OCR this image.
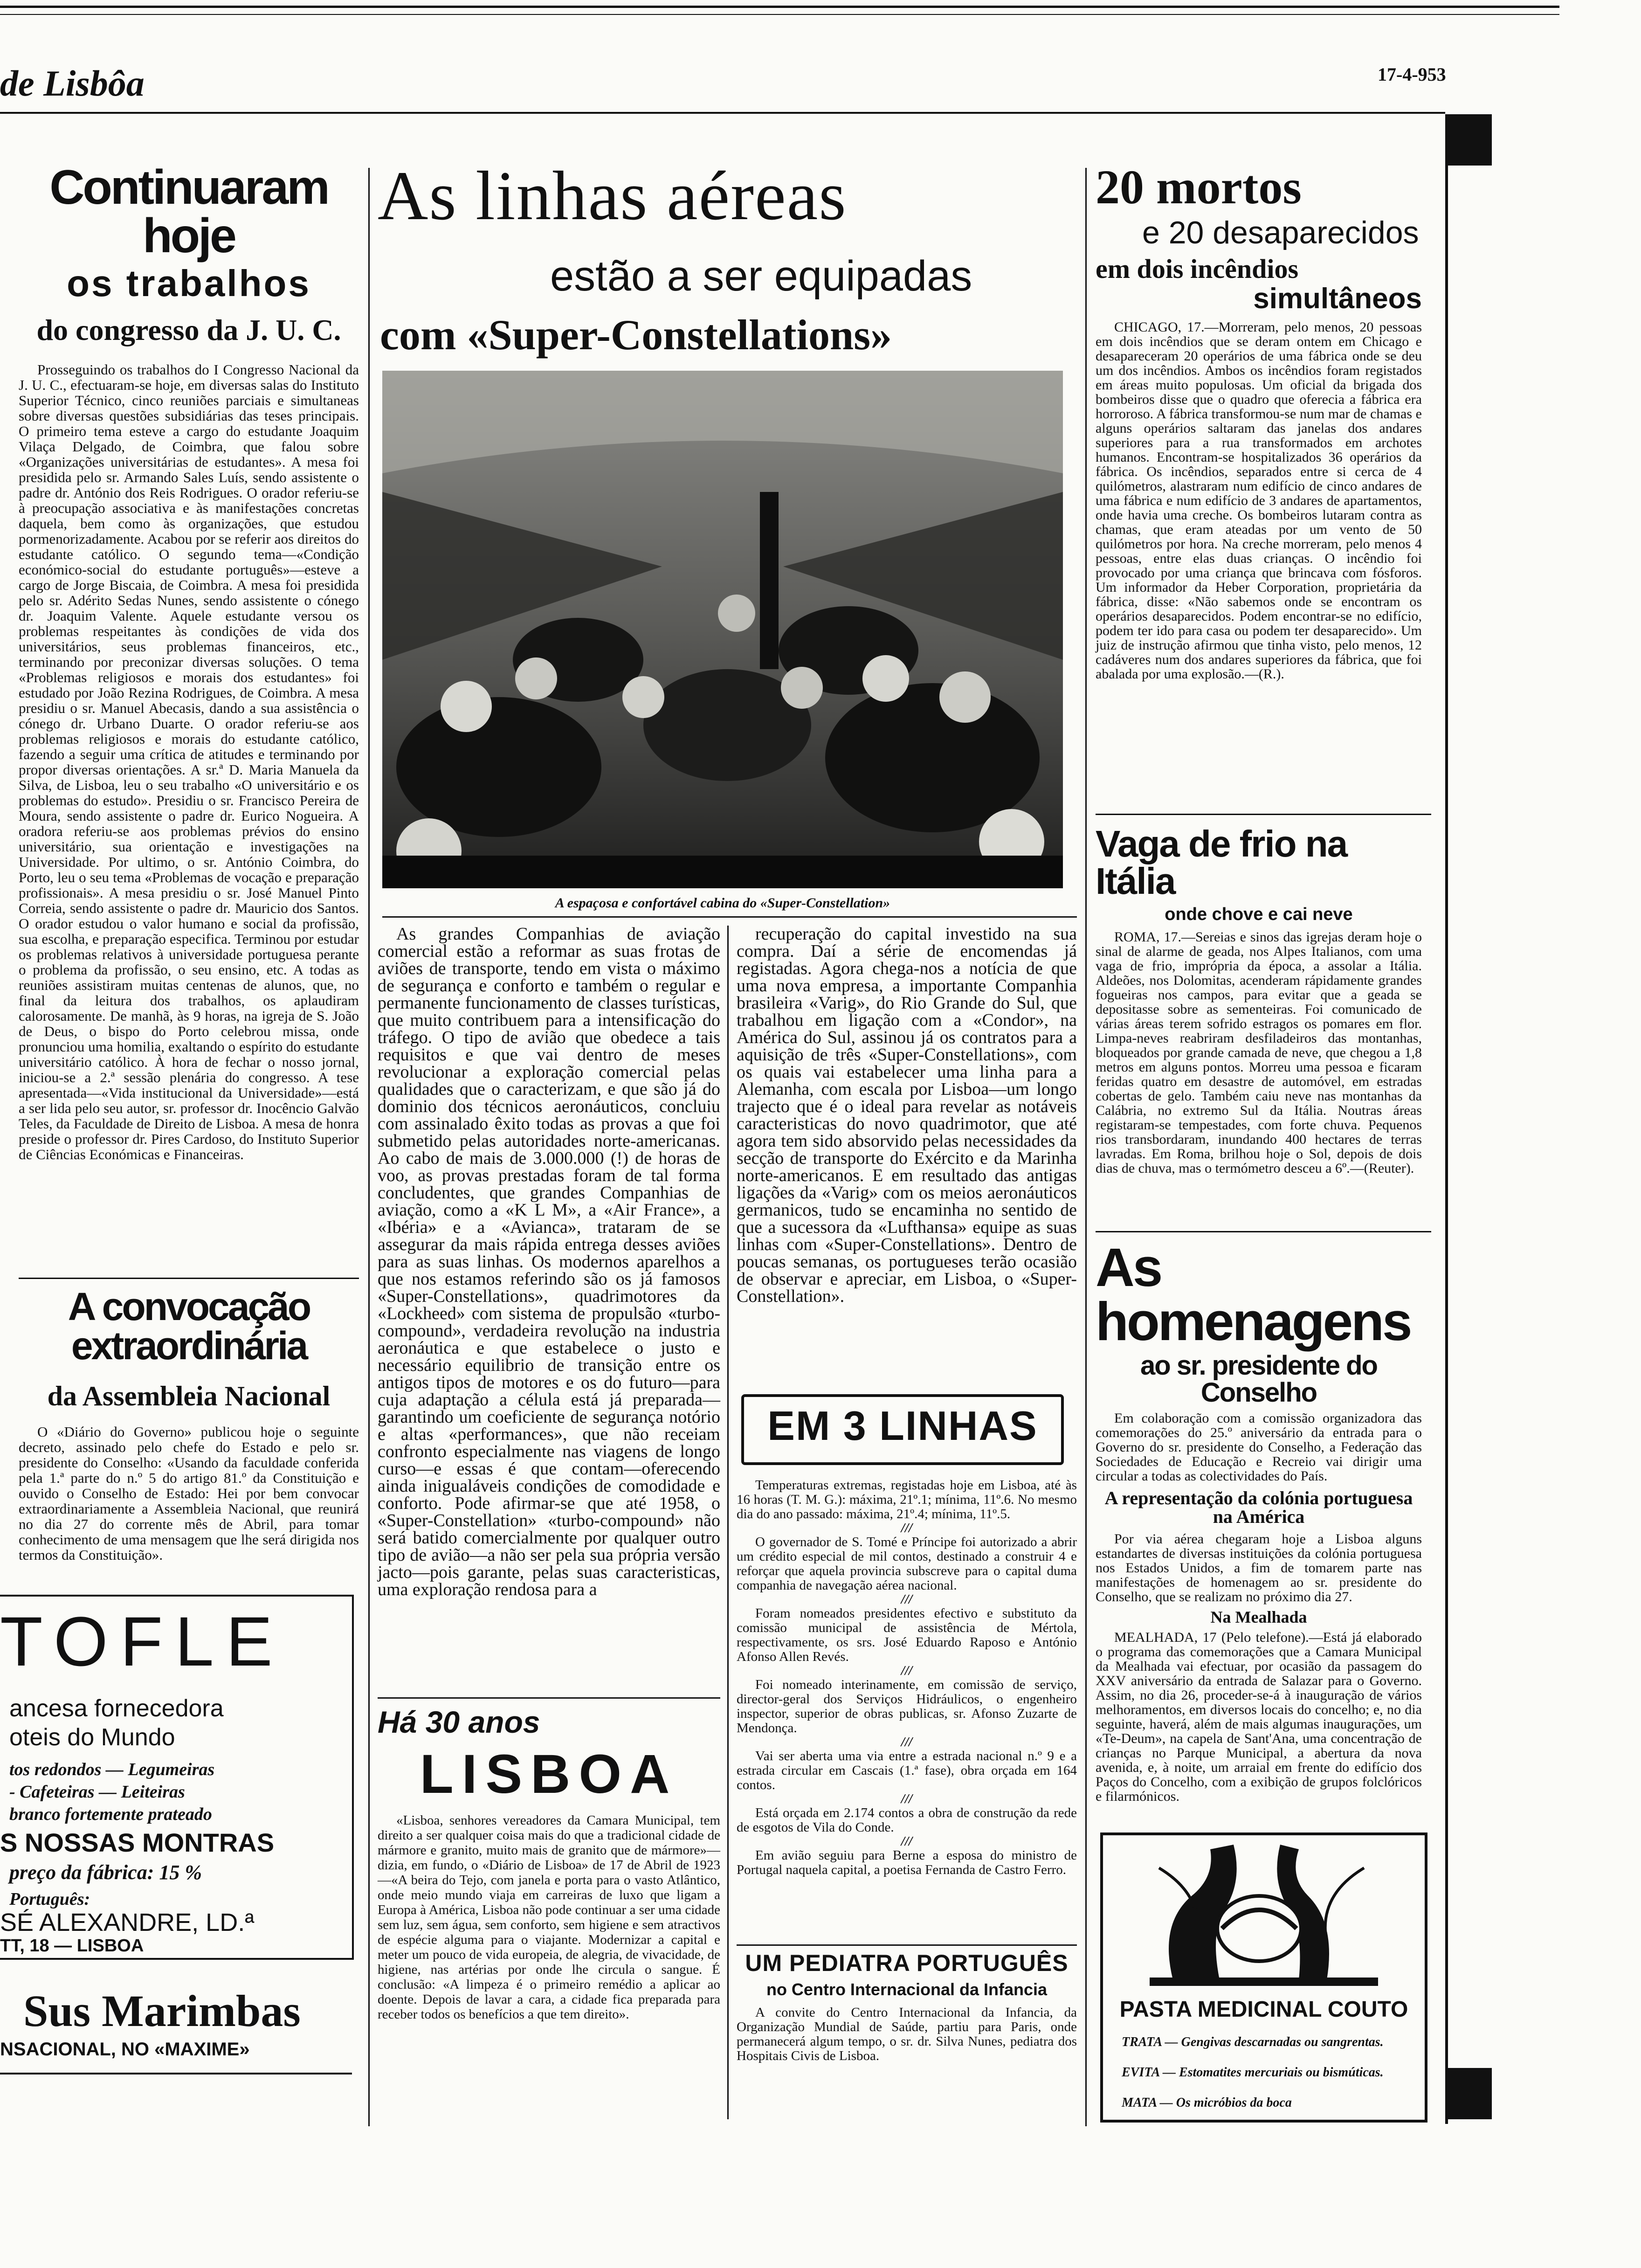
de Lisbôa	17-4-953
Continuaram hoje
os trabalhos
do congresso da J. U. C.
Prosseguindo os trabalhos do I Congresso Nacional da J. U. C., efectuaram-se hoje, em diversas salas do Instituto Superior Técnico, cinco reuniões parciais e simultaneas sobre diversas questões subsidiárias das teses principais. O primeiro tema esteve a cargo do estudante Joaquim Vilaça Delgado, de Coimbra, que falou sobre «Organizações universitárias de estudantes». A mesa foi presidida pelo sr. Armando Sales Luís, sendo assistente o padre dr. António dos Reis Rodrigues. O orador referiu-se à preocupação associativa e às manifestações concretas daquela, bem como às organizações, que estudou pormenorizadamente. Acabou por se referir aos direitos do estudante católico. O segundo tema—«Condição económico-social do estudante português»—esteve a cargo de Jorge Biscaia, de Coimbra. A mesa foi presidida pelo sr. Adérito Sedas Nunes, sendo assistente o cónego dr. Joaquim Valente. Aquele estudante versou os problemas respeitantes às condições de vida dos universitários, seus problemas financeiros, etc., terminando por preconizar diversas soluções. O tema «Problemas religiosos e morais dos estudantes» foi estudado por João Rezina Rodrigues, de Coimbra. A mesa presidiu o sr. Manuel Abecasis, dando a sua assistência o cónego dr. Urbano Duarte. O orador referiu-se aos problemas religiosos e morais do estudante católico, fazendo a seguir uma crítica de atitudes e terminando por propor diversas orientações. A sr.ª D. Maria Manuela da Silva, de Lisboa, leu o seu trabalho «O universitário e os problemas do estudo». Presidiu o sr. Francisco Pereira de Moura, sendo assistente o padre dr. Eurico Nogueira. A oradora referiu-se aos problemas prévios do ensino universitário, sua orientação e investigações na Universidade. Por ultimo, o sr. António Coimbra, do Porto, leu o seu tema «Problemas de vocação e preparação profissionais». A mesa presidiu o sr. José Manuel Pinto Correia, sendo assistente o padre dr. Mauricio dos Santos. O orador estudou o valor humano e social da profissão, sua escolha, e preparação especifica. Terminou por estudar os problemas relativos à universidade portuguesa perante o problema da profissão, o seu ensino, etc. A todas as reuniões assistiram muitas centenas de alunos, que, no final da leitura dos trabalhos, os aplaudiram calorosamente. De manhã, às 9 horas, na igreja de S. João de Deus, o bispo do Porto celebrou missa, onde pronunciou uma homilia, exaltando o espírito do estudante universitário católico. À hora de fechar o nosso jornal, iniciou-se a 2.ª sessão plenária do congresso. A tese apresentada—«Vida institucional da Universidade»—está a ser lida pelo seu autor, sr. professor dr. Inocêncio Galvão Teles, da Faculdade de Direito de Lisboa. A mesa de honra preside o professor dr. Pires Cardoso, do Instituto Superior de Ciências Económicas e Financeiras.
A convocação extraordinária
da Assembleia Nacional
O «Diário do Governo» publicou hoje o seguinte decreto, assinado pelo chefe do Estado e pelo sr. presidente do Conselho: «Usando da faculdade conferida pela 1.ª parte do n.º 5 do artigo 81.º da Constituição e ouvido o Conselho de Estado: Hei por bem convocar extraordinariamente a Assembleia Nacional, que reunirá no dia 27 do corrente mês de Abril, para tomar conhecimento de uma mensagem que lhe será dirigida nos termos da Constituição».
TOFLE
ancesa fornecedora
oteis do Mundo
tos redondos — Legumeiras
- Cafeteiras — Leiteiras
branco fortemente prateado
S NOSSAS MONTRAS
preço da fábrica: 15 %
Português:
SÉ ALEXANDRE, LD.ª
TT, 18 — LISBOA
Sus Marimbas
NSACIONAL, NO «MAXIME»
As linhas aéreas
estão a ser equipadas
com «Super-Constellations»
A espaçosa e confortável cabina do «Super-Constellation»
As grandes Companhias de aviação comercial estão a reformar as suas frotas de aviões de transporte, tendo em vista o máximo de segurança e conforto e também o regular e permanente funcionamento de classes turísticas, que muito contribuem para a intensificação do tráfego. O tipo de avião que obedece a tais requisitos e que vai dentro de meses revolucionar a exploração comercial pelas qualidades que o caracterizam, e que são já do dominio dos técnicos aeronáuticos, concluiu com assinalado êxito todas as provas a que foi submetido pelas autoridades norte-americanas. Ao cabo de mais de 3.000.000 (!) de horas de voo, as provas prestadas foram de tal forma concludentes, que grandes Companhias de aviação, como a «K L M», a «Air France», a «Ibéria» e a «Avianca», trataram de se assegurar da mais rápida entrega desses aviões para as suas linhas. Os modernos aparelhos a que nos estamos referindo são os já famosos «Super-Constellations», quadrimotores da «Lockheed» com sistema de propulsão «turbo-compound», verdadeira revolução na industria aeronáutica e que estabelece o justo e necessário equilibrio de transição entre os antigos tipos de motores e os do futuro—para cuja adaptação a célula está já preparada—garantindo um coeficiente de segurança notório e altas «performances», que não receiam confronto especialmente nas viagens de longo curso—e essas é que contam—oferecendo ainda inigualáveis condições de comodidade e conforto. Pode afirmar-se que até 1958, o «Super-Constellation» «turbo-compound» não será batido comercialmente por qualquer outro tipo de avião—a não ser pela sua própria versão jacto—pois garante, pelas suas caracteristicas, uma exploração rendosa para a
recuperação do capital investido na sua compra. Daí a série de encomendas já registadas. Agora chega-nos a notícia de que uma nova empresa, a importante Companhia brasileira «Varig», do Rio Grande do Sul, que trabalhou em ligação com a «Condor», na América do Sul, assinou já os contratos para a aquisição de três «Super-Constellations», com os quais vai estabelecer uma linha para a Alemanha, com escala por Lisboa—um longo trajecto que é o ideal para revelar as notáveis caracteristicas do novo quadrimotor, que até agora tem sido absorvido pelas necessidades da secção de transporte do Exército e da Marinha norte-americanos. E em resultado das antigas ligações da «Varig» com os meios aeronáuticos germanicos, tudo se encaminha no sentido de que a sucessora da «Lufthansa» equipe as suas linhas com «Super-Constellations». Dentro de poucas semanas, os portugueses terão ocasião de observar e apreciar, em Lisboa, o «Super-Constellation».
Há 30 anos
LISBOA
«Lisboa, senhores vereadores da Camara Municipal, tem direito a ser qualquer coisa mais do que a tradicional cidade de mármore e granito, muito mais de granito que de mármore»—dizia, em fundo, o «Diário de Lisboa» de 17 de Abril de 1923—«A beira do Tejo, com janela e porta para o vasto Atlântico, onde meio mundo viaja em carreiras de luxo que ligam a Europa à América, Lisboa não pode continuar a ser uma cidade sem luz, sem água, sem conforto, sem higiene e sem atractivos de espécie alguma para o viajante. Modernizar a capital e meter um pouco de vida europeia, de alegria, de vivacidade, de higiene, nas artérias por onde lhe circula o sangue. É conclusão: «A limpeza é o primeiro remédio a aplicar ao doente. Depois de lavar a cara, a cidade fica preparada para receber todos os benefícios a que tem direito».
EM 3 LINHAS
Temperaturas extremas, registadas hoje em Lisboa, até às 16 horas (T. M. G.): máxima, 21º.1; mínima, 11º.6. No mesmo dia do ano passado: máxima, 21º.4; mínima, 11º.5.
///
O governador de S. Tomé e Príncipe foi autorizado a abrir um crédito especial de mil contos, destinado a construir 4 e reforçar que aquela provincia subscreve para o capital duma companhia de navegação aérea nacional.
///
Foram nomeados presidentes efectivo e substituto da comissão municipal de assistência de Mértola, respectivamente, os srs. José Eduardo Raposo e António Afonso Allen Revés.
///
Foi nomeado interinamente, em comissão de serviço, director-geral dos Serviços Hidráulicos, o engenheiro inspector, superior de obras publicas, sr. Afonso Zuzarte de Mendonça.
///
Vai ser aberta uma via entre a estrada nacional n.º 9 e a estrada circular em Cascais (1.ª fase), obra orçada em 164 contos.
///
Está orçada em 2.174 contos a obra de construção da rede de esgotos de Vila do Conde.
///
Em avião seguiu para Berne a esposa do ministro de Portugal naquela capital, a poetisa Fernanda de Castro Ferro.
UM PEDIATRA PORTUGUÊS
no Centro Internacional da Infancia
A convite do Centro Internacional da Infancia, da Organização Mundial de Saúde, partiu para Paris, onde permanecerá algum tempo, o sr. dr. Silva Nunes, pediatra dos Hospitais Civis de Lisboa.
20 mortos
e 20 desaparecidos
em dois incêndios
simultâneos
CHICAGO, 17.—Morreram, pelo menos, 20 pessoas em dois incêndios que se deram ontem em Chicago e desapareceram 20 operários de uma fábrica onde se deu um dos incêndios. Ambos os incêndios foram registados em áreas muito populosas. Um oficial da brigada dos bombeiros disse que o quadro que oferecia a fábrica era horroroso. A fábrica transformou-se num mar de chamas e alguns operários saltaram das janelas dos andares superiores para a rua transformados em archotes humanos. Encontram-se hospitalizados 36 operários da fábrica. Os incêndios, separados entre si cerca de 4 quilómetros, alastraram num edifício de cinco andares de uma fábrica e num edifício de 3 andares de apartamentos, onde havia uma creche. Os bombeiros lutaram contra as chamas, que eram ateadas por um vento de 50 quilómetros por hora. Na creche morreram, pelo menos 4 pessoas, entre elas duas crianças. O incêndio foi provocado por uma criança que brincava com fósforos. Um informador da Heber Corporation, proprietária da fábrica, disse: «Não sabemos onde se encontram os operários desaparecidos. Podem encontrar-se no edifício, podem ter ido para casa ou podem ter desaparecido». Um juiz de instrução afirmou que tinha visto, pelo menos, 12 cadáveres num dos andares superiores da fábrica, que foi abalada por uma explosão.—(R.).
Vaga de frio na Itália
onde chove e cai neve
ROMA, 17.—Sereias e sinos das igrejas deram hoje o sinal de alarme de geada, nos Alpes Italianos, com uma vaga de frio, imprópria da época, a assolar a Itália. Aldeões, nos Dolomitas, acenderam rápidamente grandes fogueiras nos campos, para evitar que a geada se depositasse sobre as sementeiras. Foi comunicado de várias áreas terem sofrido estragos os pomares em flor. Limpa-neves reabriram desfiladeiros das montanhas, bloqueados por grande camada de neve, que chegou a 1,8 metros em alguns pontos. Morreu uma pessoa e ficaram feridas quatro em desastre de automóvel, em estradas cobertas de gelo. Também caiu neve nas montanhas da Calábria, no extremo Sul da Itália. Noutras áreas registaram-se tempestades, com forte chuva. Pequenos rios transbordaram, inundando 400 hectares de terras lavradas. Em Roma, brilhou hoje o Sol, depois de dois dias de chuva, mas o termómetro desceu a 6º.—(Reuter).
As homenagens
ao sr. presidente do Conselho
Em colaboração com a comissão organizadora das comemorações do 25.º aniversário da entrada para o Governo do sr. presidente do Conselho, a Federação das Sociedades de Educação e Recreio vai dirigir uma circular a todas as colectividades do País.
A representação da colónia portuguesa na América
Por via aérea chegaram hoje a Lisboa alguns estandartes de diversas instituições da colónia portuguesa nos Estados Unidos, a fim de tomarem parte nas manifestações de homenagem ao sr. presidente do Conselho, que se realizam no próximo dia 27.
Na Mealhada
MEALHADA, 17 (Pelo telefone).—Está já elaborado o programa das comemorações que a Camara Municipal da Mealhada vai efectuar, por ocasião da passagem do XXV aniversário da entrada de Salazar para o Governo. Assim, no dia 26, proceder-se-á à inauguração de vários melhoramentos, em diversos locais do concelho; e, no dia seguinte, haverá, além de mais algumas inaugurações, um «Te-Deum», na capela de Sant'Ana, uma concentração de crianças no Parque Municipal, a abertura da nova avenida, e, à noite, um arraial em frente do edifício dos Paços do Concelho, com a exibição de grupos folclóricos e filarmónicos.
PASTA MEDICINAL COUTO
TRATA — Gengivas descarnadas ou sangrentas.
EVITA — Estomatites mercuriais ou bismúticas.
MATA — Os micróbios da boca
